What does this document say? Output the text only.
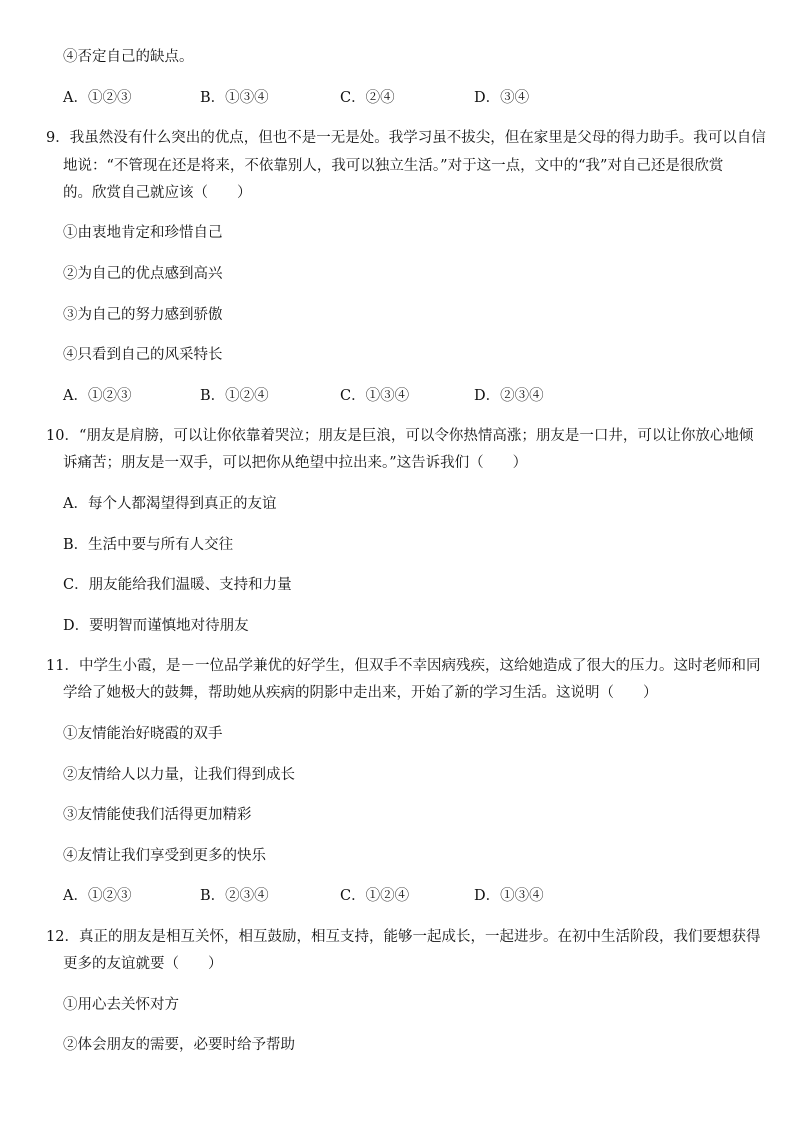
④否定自己的缺点。
A．①②③	B．①③④	C．②④	D．③④
9．我虽然没有什么突出的优点，但也不是一无是处。我学习虽不拔尖，但在家里是父母的得力助手。我可以自信
地说：“不管现在还是将来，不依靠别人，我可以独立生活。”对于这一点，文中的“我”对自己还是很欣赏
的。欣赏自己就应该（　　）
①由衷地肯定和珍惜自己
②为自己的优点感到高兴
③为自己的努力感到骄傲
④只看到自己的风采特长
A．①②③	B．①②④	C．①③④	D．②③④
10．“朋友是肩膀，可以让你依靠着哭泣；朋友是巨浪，可以令你热情高涨；朋友是一口井，可以让你放心地倾
诉痛苦；朋友是一双手，可以把你从绝望中拉出来。”这告诉我们（　　）
A．每个人都渴望得到真正的友谊
B．生活中要与所有人交往
C．朋友能给我们温暖、支持和力量
D．要明智而谨慎地对待朋友
11．中学生小霞，是－一位品学兼优的好学生，但双手不幸因病残疾，这给她造成了很大的压力。这时老师和同
学给了她极大的鼓舞，帮助她从疾病的阴影中走出来，开始了新的学习生活。这说明（　　）
①友情能治好晓霞的双手
②友情给人以力量，让我们得到成长
③友情能使我们活得更加精彩
④友情让我们享受到更多的快乐
A．①②③	B．②③④	C．①②④	D．①③④
12．真正的朋友是相互关怀，相互鼓励，相互支持，能够一起成长，一起进步。在初中生活阶段，我们要想获得
更多的友谊就要（　　）
①用心去关怀对方
②体会朋友的需要，必要时给予帮助
